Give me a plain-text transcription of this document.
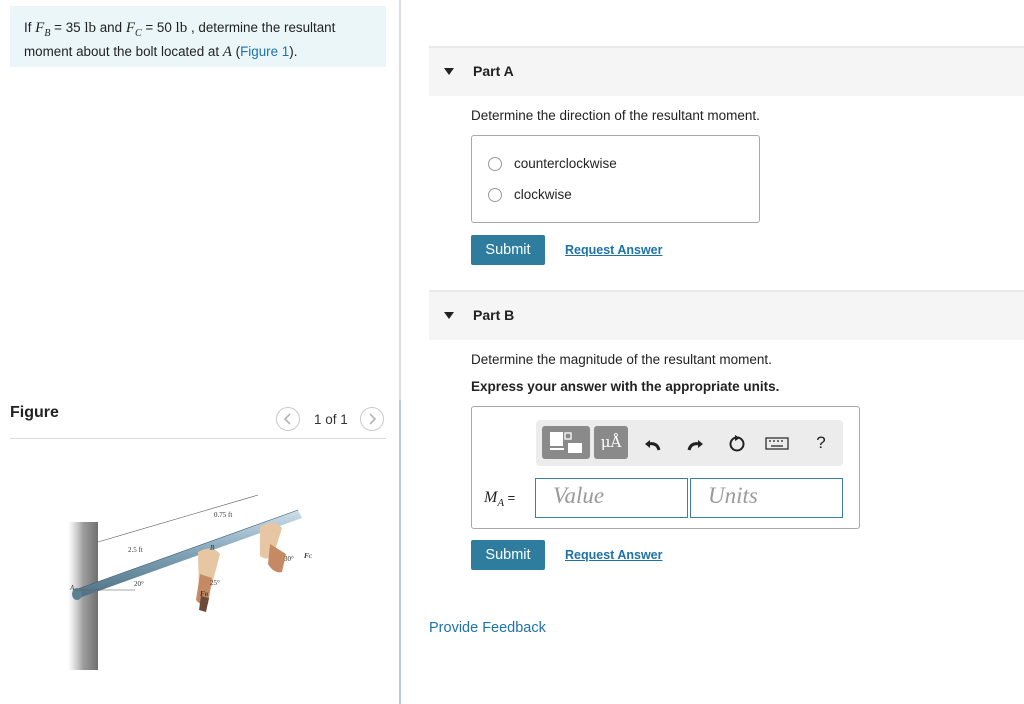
If $F_B = 35$ lb and $F_C = 50$ lb , determine the resultant moment about the bolt located at A (Figure 1).
Figure	1 of 1
0.75 ft
2.5 ft
20°
30°
25°
A
B
FC
FB
Part A
Determine the direction of the resultant moment.
counterclockwise
clockwise
Submit	Request Answer
Part B
Determine the magnitude of the resultant moment.
Express your answer with the appropriate units.
μÅ	?
$M_A$ =	Value	Units
Submit	Request Answer
Provide Feedback
